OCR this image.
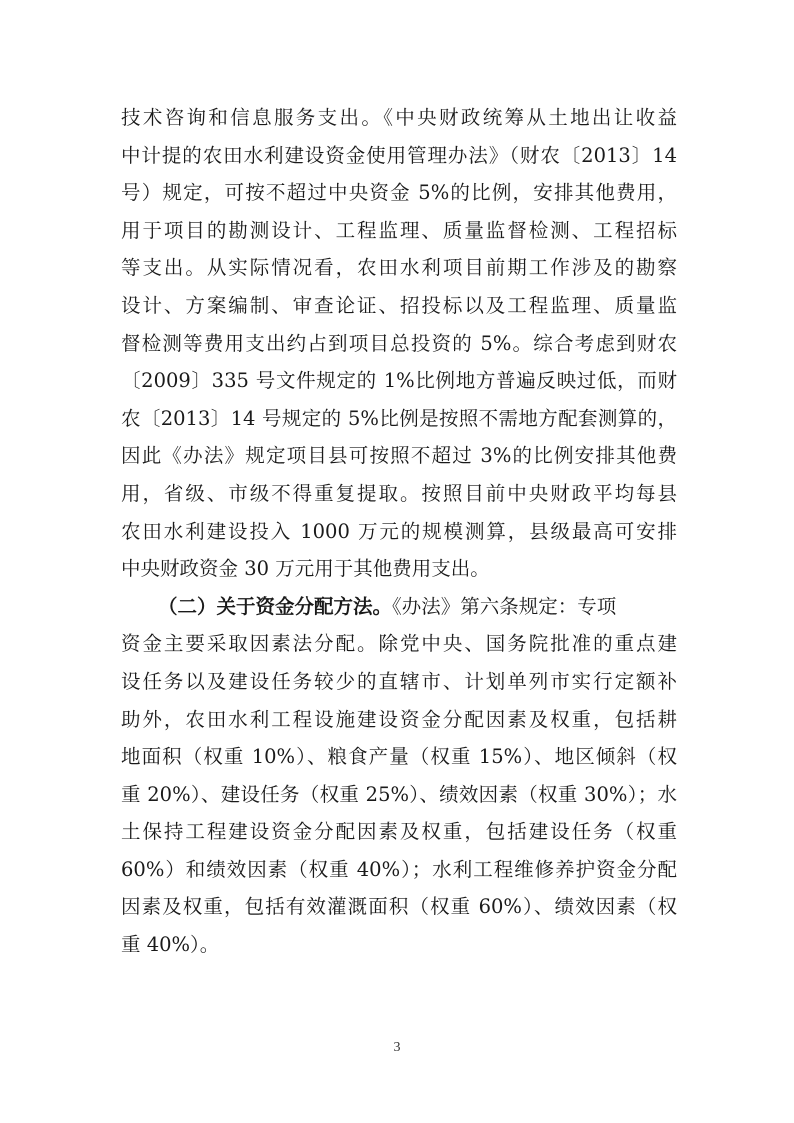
技术咨询和信息服务支出。《中央财政统筹从土地出让收益
中计提的农田水利建设资金使用管理办法》（财农〔2013〕14
号）规定，可按不超过中央资金 5%的比例，安排其他费用，
用于项目的勘测设计、工程监理、质量监督检测、工程招标
等支出。从实际情况看，农田水利项目前期工作涉及的勘察
设计、方案编制、审查论证、招投标以及工程监理、质量监
督检测等费用支出约占到项目总投资的 5%。综合考虑到财农
〔2009〕335 号文件规定的 1%比例地方普遍反映过低，而财
农〔2013〕14 号规定的 5%比例是按照不需地方配套测算的，
因此《办法》规定项目县可按照不超过 3%的比例安排其他费
用，省级、市级不得重复提取。按照目前中央财政平均每县
农田水利建设投入 1000 万元的规模测算，县级最高可安排
中央财政资金 30 万元用于其他费用支出。
（二）关于资金分配方法。《办法》第六条规定：专项
资金主要采取因素法分配。除党中央、国务院批准的重点建
设任务以及建设任务较少的直辖市、计划单列市实行定额补
助外，农田水利工程设施建设资金分配因素及权重，包括耕
地面积（权重 10%）、粮食产量（权重 15%）、地区倾斜（权
重 20%）、建设任务（权重 25%）、绩效因素（权重 30%）；水
土保持工程建设资金分配因素及权重，包括建设任务（权重
60%）和绩效因素（权重 40%）；水利工程维修养护资金分配
因素及权重，包括有效灌溉面积（权重 60%）、绩效因素（权
重 40%）。
3
